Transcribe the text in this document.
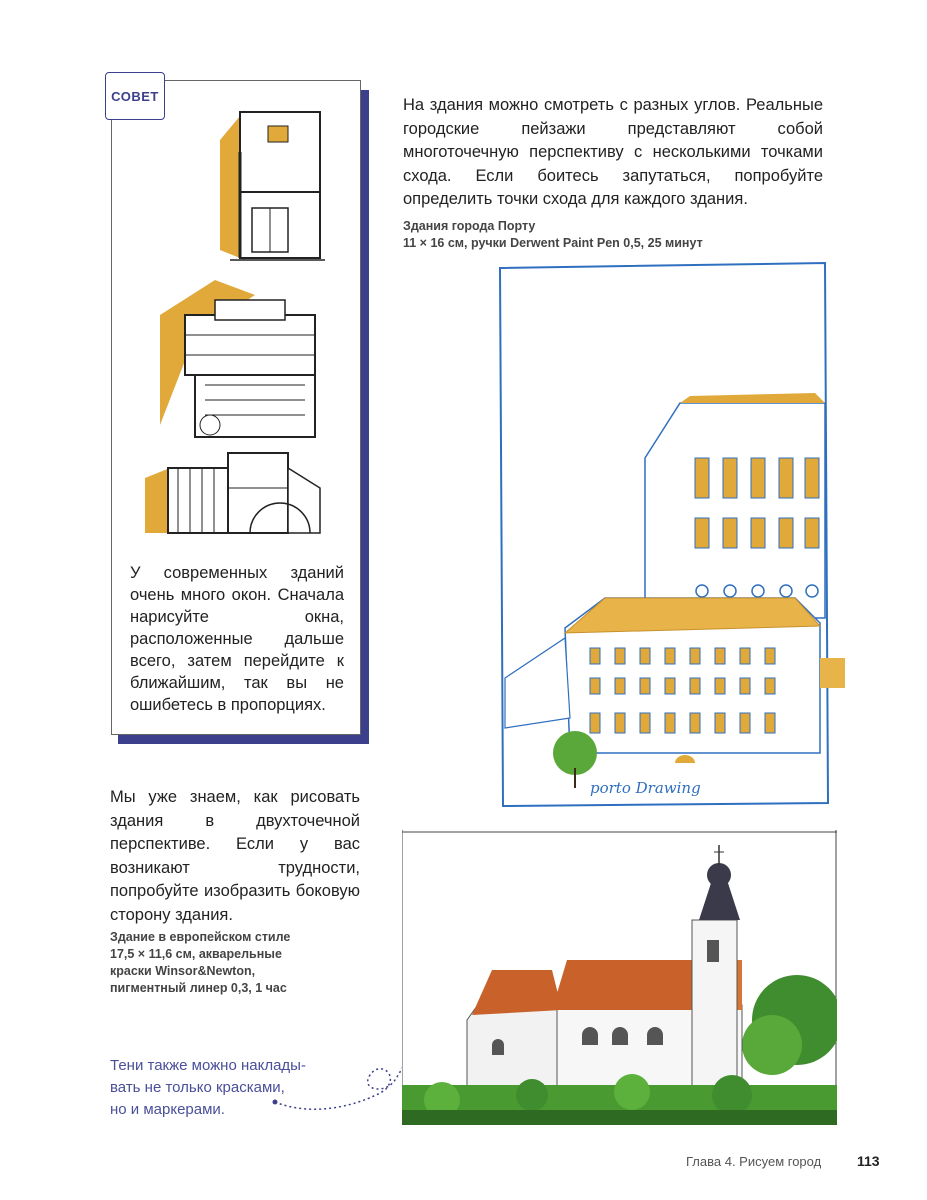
СОВЕТ
У современных зданий очень много окон. Сначала нарисуйте окна, расположенные дальше всего, затем перейдите к ближайшим, так вы не ошибетесь в пропорциях.
На здания можно смотреть с разных углов. Реальные городские пейзажи представляют собой многоточечную перспективу с несколькими точками схода. Если боитесь запутаться, попробуйте определить точки схода для каждого здания.
Здания города Порту
11 × 16 см, ручки Derwent Paint Pen 0,5, 25 минут
porto Drawing
Мы уже знаем, как рисовать здания в двухточечной перспективе. Если у вас возникают трудности, попробуйте изобразить боковую сторону здания.
Здание в европейском стиле
17,5 × 11,6 см, акварельные
краски Winsor&Newton,
пигментный линер 0,3, 1 час
Тени также можно наклады-
вать не только красками,
но и маркерами.
Глава 4. Рисуем город	113
